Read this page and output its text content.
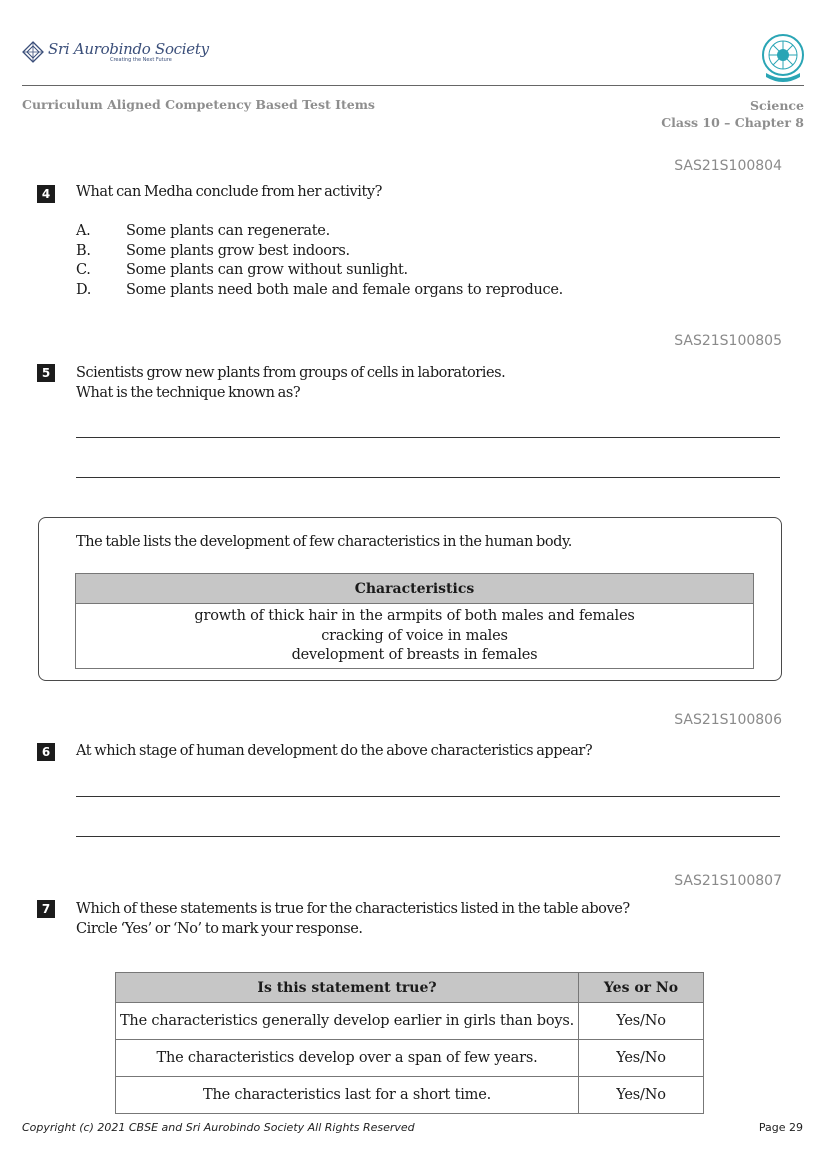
Sri Aurobindo Society
Creating the Next Future
Curriculum Aligned Competency Based Test Items	Science
Class 10 – Chapter 8
SAS21S100804
4	What can Medha conclude from her activity?
A. Some plants can regenerate.
B. Some plants grow best indoors.
C. Some plants can grow without sunlight.
D. Some plants need both male and female organs to reproduce.
SAS21S100805
5	Scientists grow new plants from groups of cells in laboratories.
What is the technique known as?
The table lists the development of few characteristics in the human body.
Characteristics

growth of thick hair in the armpits of both males and females
cracking of voice in males
development of breasts in females
SAS21S100806
6	At which stage of human development do the above characteristics appear?
SAS21S100807
7	Which of these statements is true for the characteristics listed in the table above?
Circle ‘Yes’ or ‘No’ to mark your response.
Is this statement true?	Yes or No
The characteristics generally develop earlier in girls than boys.	Yes/No
The characteristics develop over a span of few years.	Yes/No
The characteristics last for a short time.	Yes/No
Copyright (c) 2021 CBSE and Sri Aurobindo Society All Rights Reserved	Page 29
